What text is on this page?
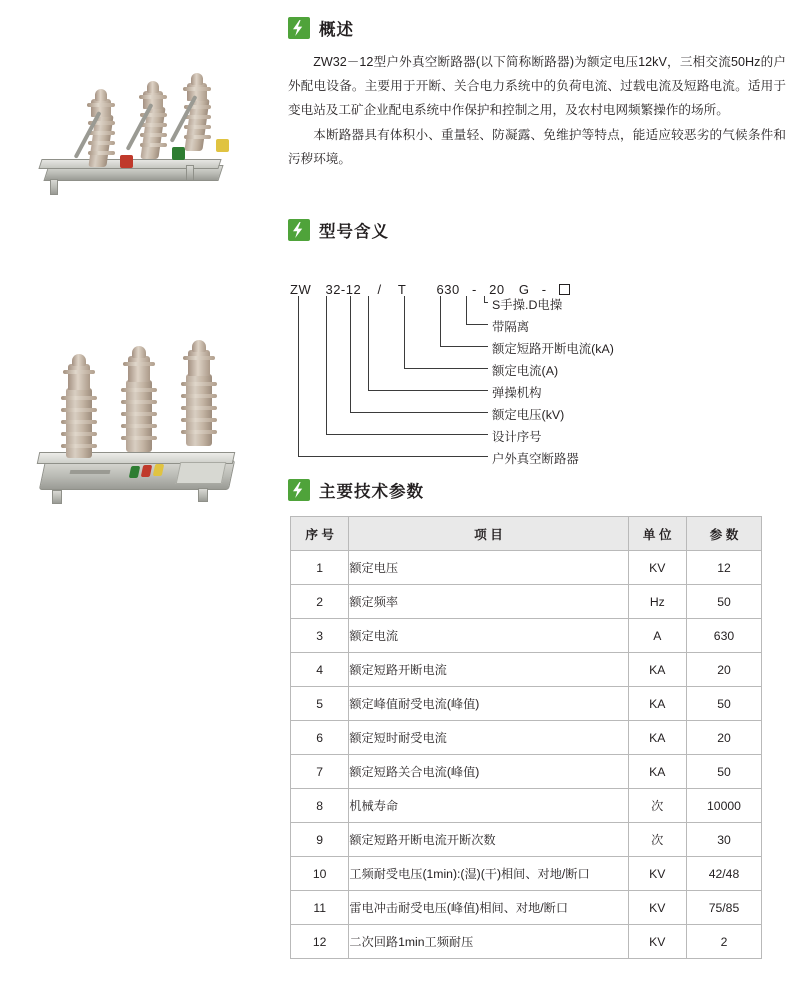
概述

ZW32－12型户外真空断路器(以下简称断路器)为额定电压12kV，三相交流50Hz的户外配电设备。主要用于开断、关合电力系统中的负荷电流、过载电流及短路电流。适用于变电站及工矿企业配电系统中作保护和控制之用，及农村电网频繁操作的场所。

本断路器具有体积小、重量轻、防凝露、免维护等特点，能适应较恶劣的气候条件和污秽环境。

型号含义
ZW 32-12 / T 630 - 20 G -
S手操.D电操
带隔离
额定短路开断电流(kA)
额定电流(A)
弹操机构
额定电压(kV)
设计序号
户外真空断路器
主要技术参数
序 号	项 目	单 位	参 数
1	额定电压	KV	12
2	额定频率	Hz	50
3	额定电流	A	630
4	额定短路开断电流	KA	20
5	额定峰值耐受电流(峰值)	KA	50
6	额定短时耐受电流	KA	20
7	额定短路关合电流(峰值)	KA	50
8	机械寿命	次	10000
9	额定短路开断电流开断次数	次	30
10	工频耐受电压(1min):(湿)(干)相间、对地/断口	KV	42/48
11	雷电冲击耐受电压(峰值)相间、对地/断口	KV	75/85
12	二次回路1min工频耐压	KV	2
